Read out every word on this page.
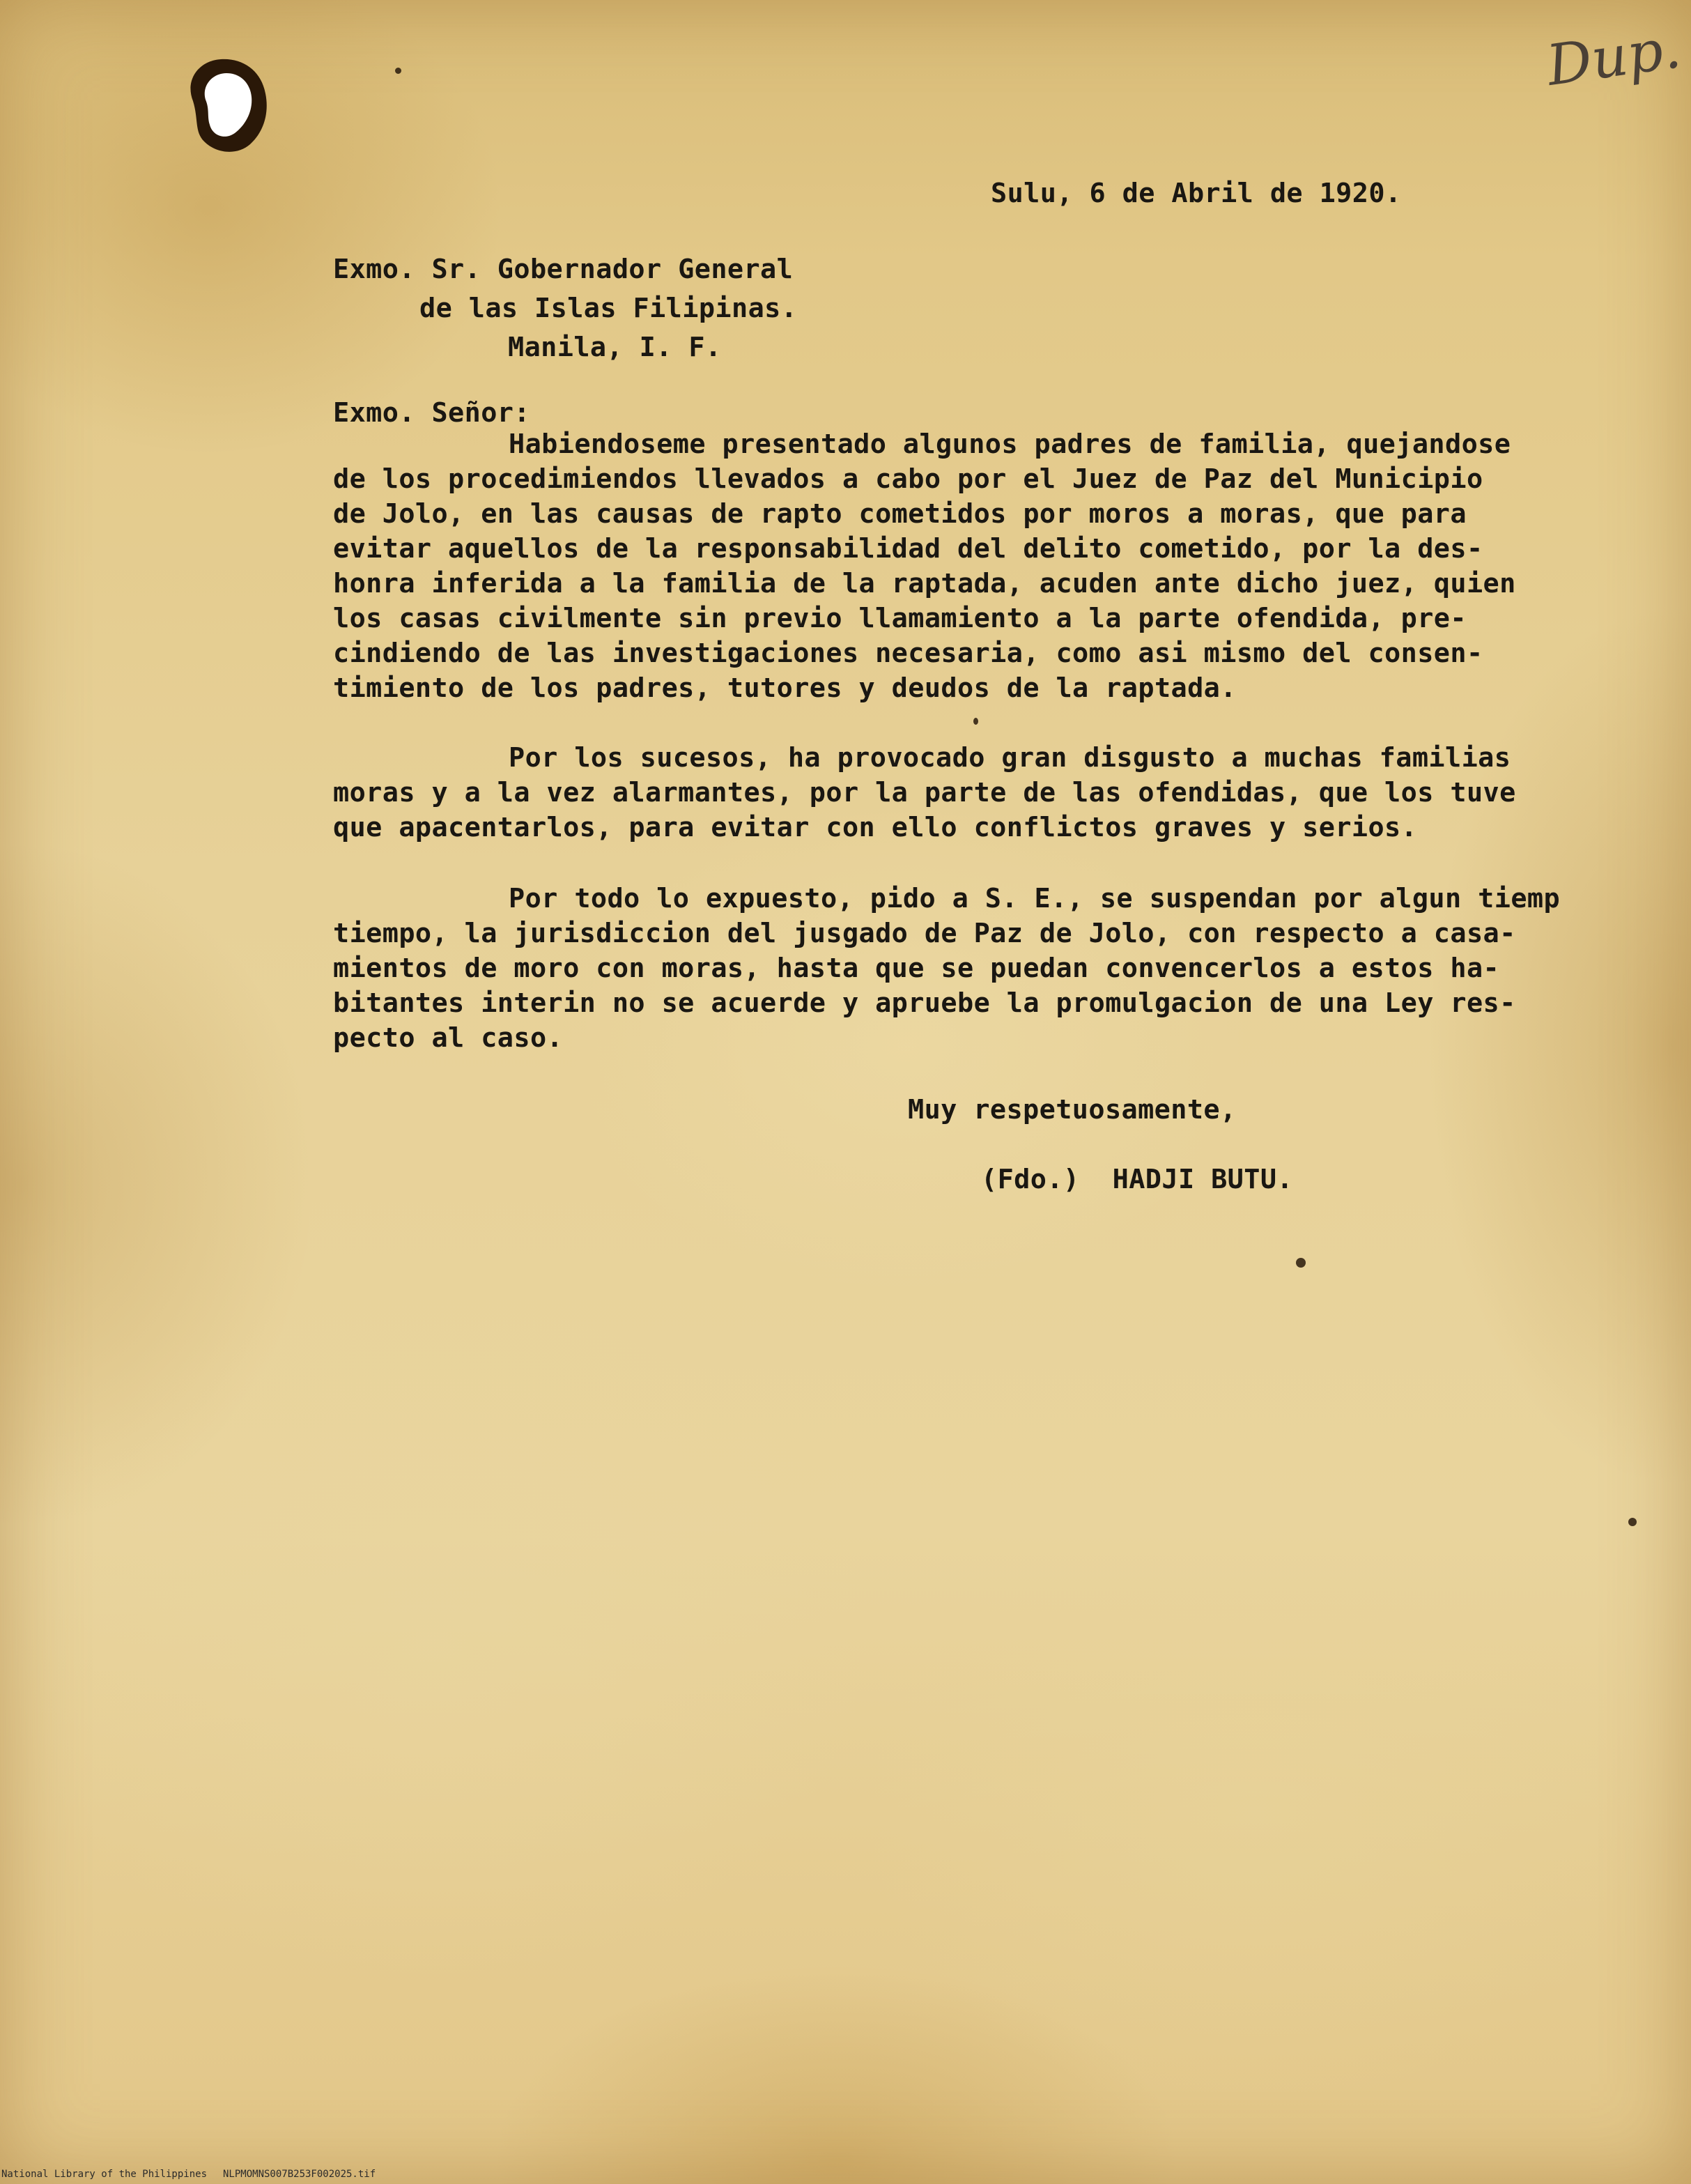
Dup.

Sulu, 6 de Abril de 1920.

Exmo. Sr. Gobernador General

de las Islas Filipinas.

Manila, I. F.

Exmo. Señor:

Habiendoseme presentado algunos padres de familia, quejandose
de los procedimiendos llevados a cabo por el Juez de Paz del Municipio
de Jolo, en las causas de rapto cometidos por moros a moras, que para
evitar aquellos de la responsabilidad del delito cometido, por la des-
honra inferida a la familia de la raptada, acuden ante dicho juez, quien
los casas civilmente sin previo llamamiento a la parte ofendida, pre-
cindiendo de las investigaciones necesaria, como asi mismo del consen-
timiento de los padres, tutores y deudos de la raptada.
Por los sucesos, ha provocado gran disgusto a muchas familias
moras y a la vez alarmantes, por la parte de las ofendidas, que los tuve
que apacentarlos, para evitar con ello conflictos graves y serios.
Por todo lo expuesto, pido a S. E., se suspendan por algun tiemp
tiempo, la jurisdiccion del jusgado de Paz de Jolo, con respecto a casa-
mientos de moro con moras, hasta que se puedan convencerlos a estos ha-
bitantes interin no se acuerde y apruebe la promulgacion de una Ley res-
pecto al caso.

Muy respetuosamente,

(Fdo.)  HADJI BUTU.

National Library of the Philippines NLPMOMNS007B253F002025.tif
